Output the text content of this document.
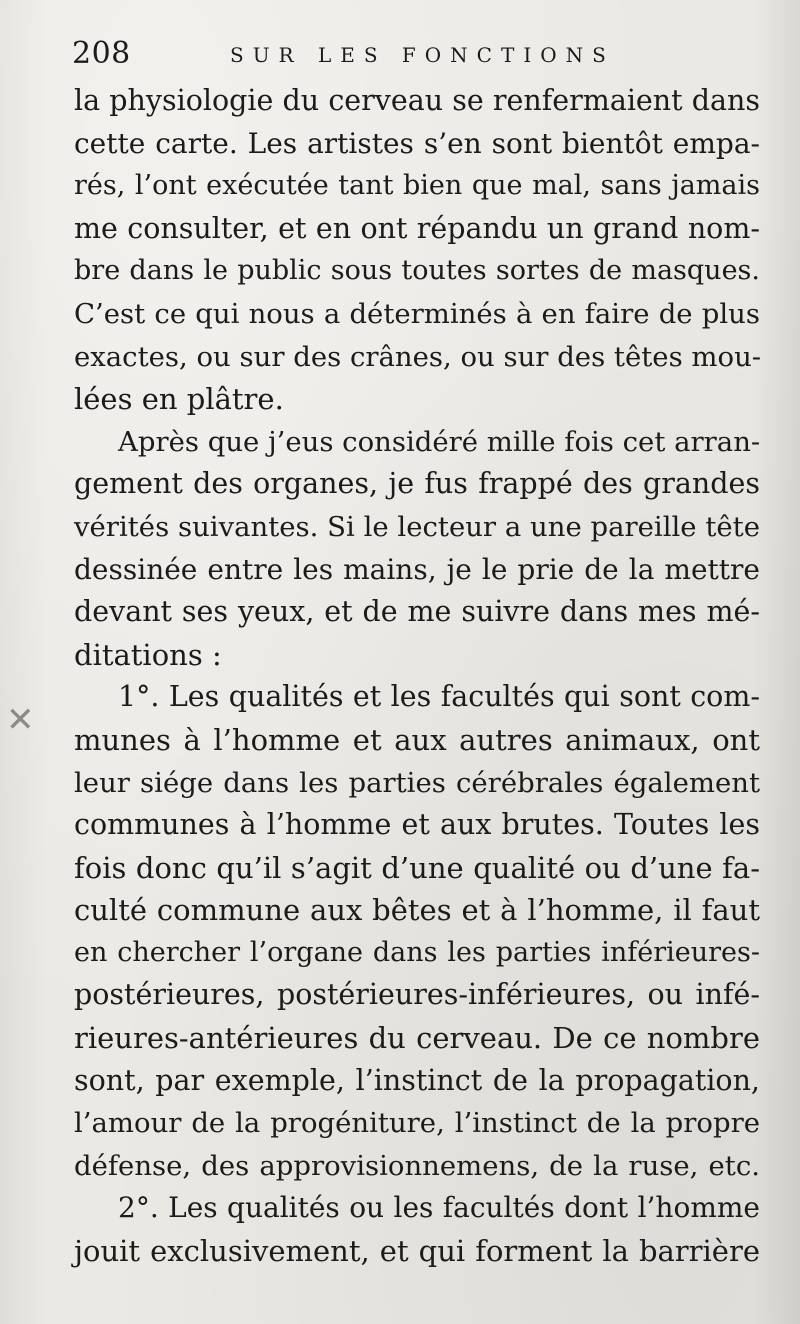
208	SUR LES FONCTIONS
✕
la physiologie du cerveau se renfermaient dans
cette carte. Les artistes s’en sont bientôt empa-
rés, l’ont exécutée tant bien que mal, sans jamais
me consulter, et en ont répandu un grand nom-
bre dans le public sous toutes sortes de masques.
C’est ce qui nous a déterminés à en faire de plus
exactes, ou sur des crânes, ou sur des têtes mou-
lées en plâtre.
Après que j’eus considéré mille fois cet arran-
gement des organes, je fus frappé des grandes
vérités suivantes. Si le lecteur a une pareille tête
dessinée entre les mains, je le prie de la mettre
devant ses yeux, et de me suivre dans mes mé-
ditations :
1°. Les qualités et les facultés qui sont com-
munes à l’homme et aux autres animaux, ont
leur siége dans les parties cérébrales également
communes à l’homme et aux brutes. Toutes les
fois donc qu’il s’agit d’une qualité ou d’une fa-
culté commune aux bêtes et à l’homme, il faut
en chercher l’organe dans les parties inférieures-
postérieures, postérieures-inférieures, ou infé-
rieures-antérieures du cerveau. De ce nombre
sont, par exemple, l’instinct de la propagation,
l’amour de la progéniture, l’instinct de la propre
défense, des approvisionnemens, de la ruse, etc.
2°. Les qualités ou les facultés dont l’homme
jouit exclusivement, et qui forment la barrière
